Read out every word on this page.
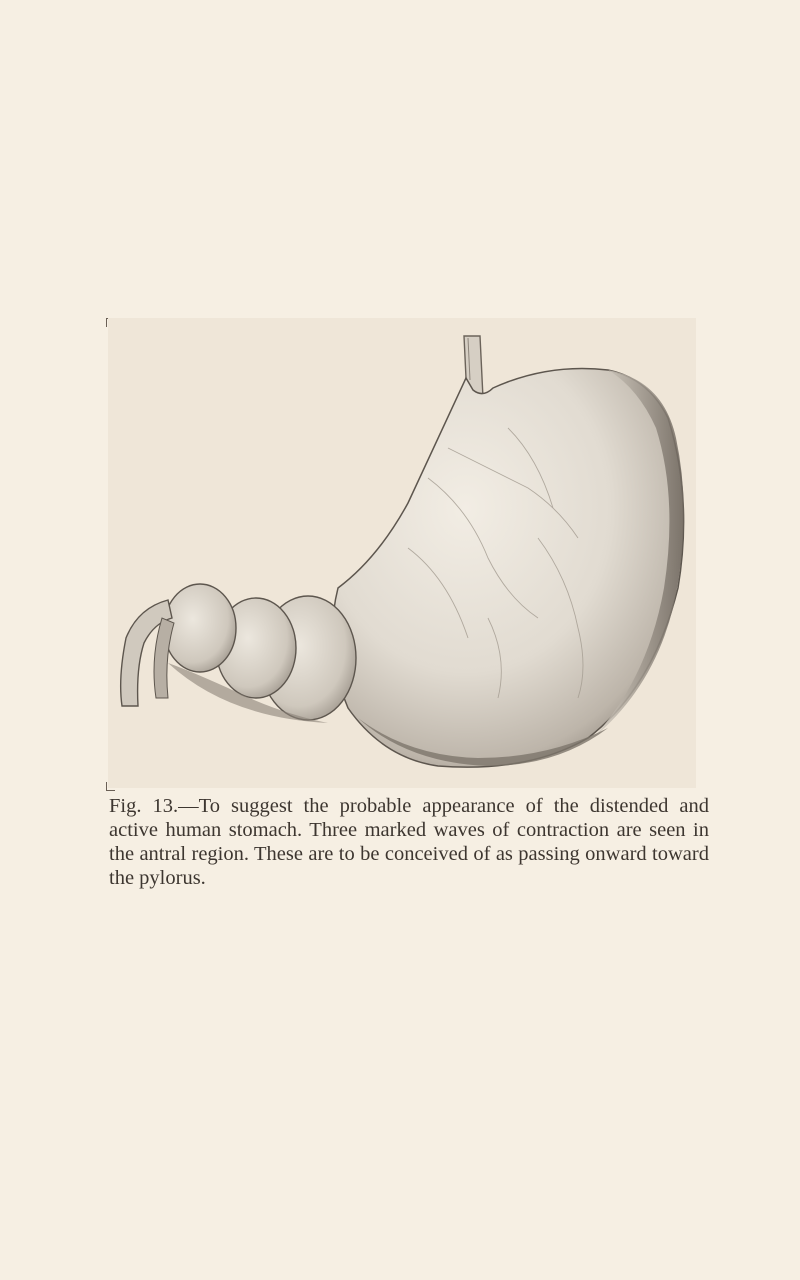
Fig. 13.—To suggest the probable appearance of the distended and active human stomach. Three marked waves of contraction are seen in the antral region. These are to be conceived of as passing onward toward the pylorus.
